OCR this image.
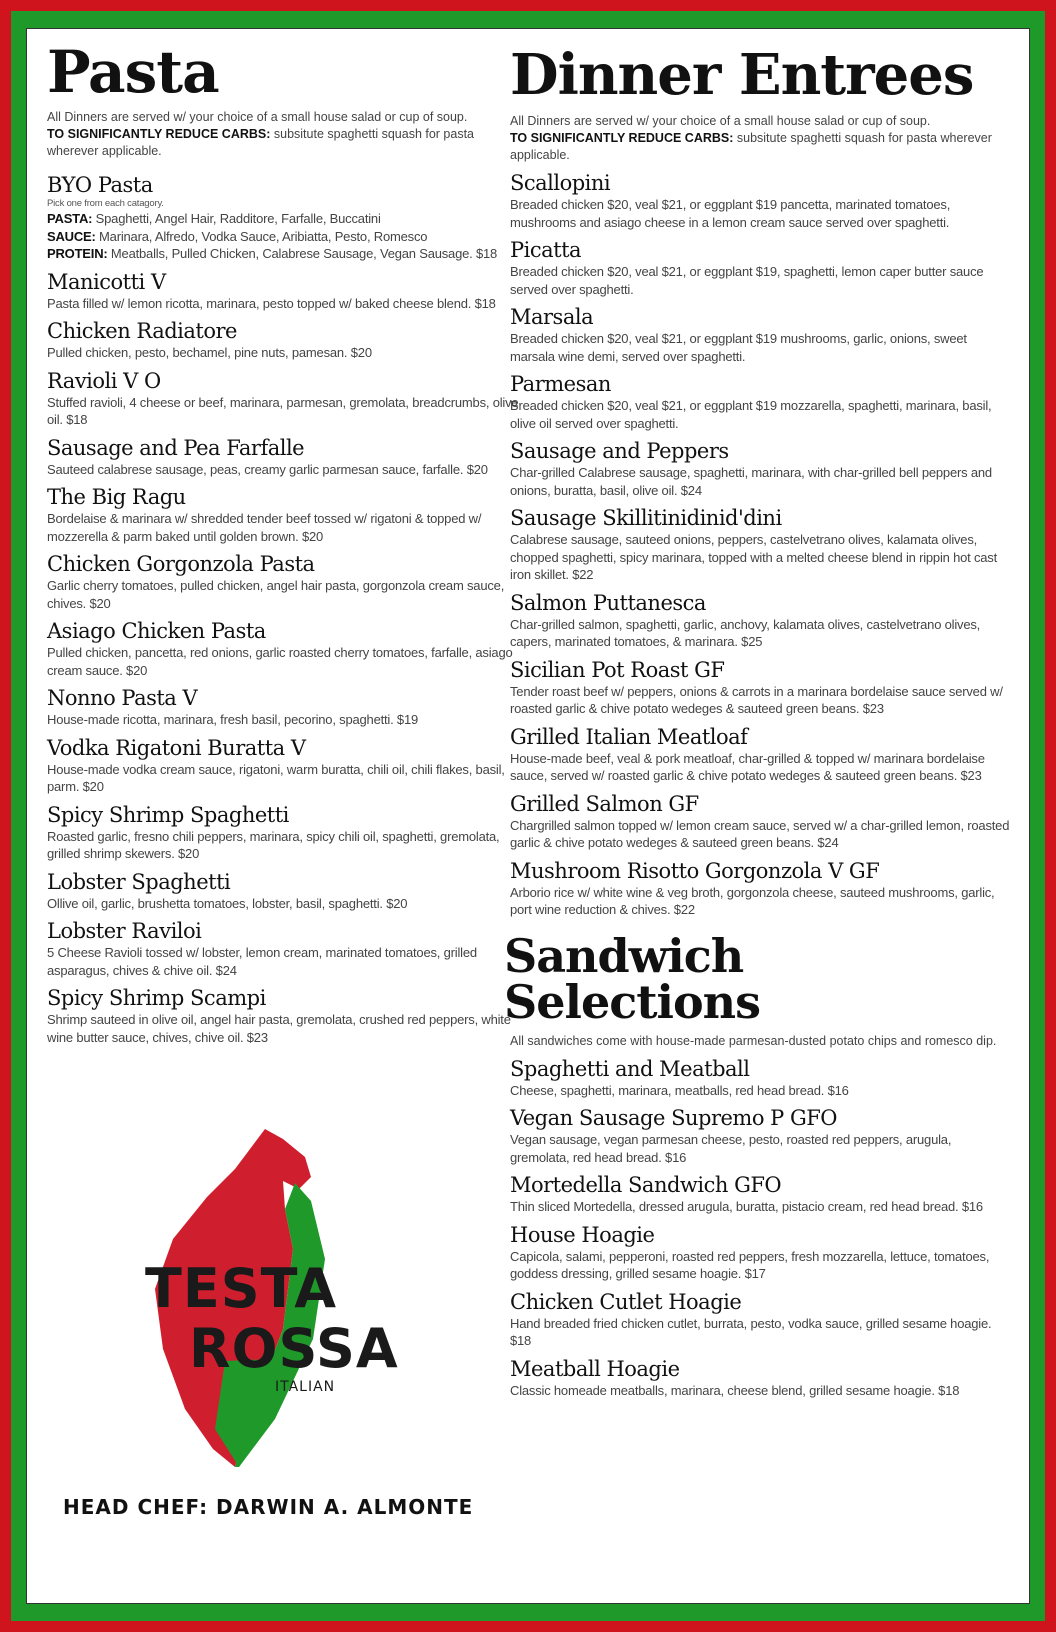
Pasta

All Dinners are served w/ your choice of a small house salad or cup of soup.
TO SIGNIFICANTLY REDUCE CARBS: subsitute spaghetti squash for pasta wherever applicable.

BYO Pasta

Pick one from each catagory.

PASTA: Spaghetti, Angel Hair, Radditore, Farfalle, Buccatini

SAUCE: Marinara, Alfredo, Vodka Sauce, Aribiatta, Pesto, Romesco

PROTEIN: Meatballs, Pulled Chicken, Calabrese Sausage, Vegan Sausage. $18

Manicotti V

Pasta filled w/ lemon ricotta, marinara, pesto topped w/ baked cheese blend. $18

Chicken Radiatore

Pulled chicken, pesto, bechamel, pine nuts, pamesan. $20

Ravioli V O

Stuffed ravioli, 4 cheese or beef, marinara, parmesan, gremolata, breadcrumbs, olive oil. $18

Sausage and Pea Farfalle

Sauteed calabrese sausage, peas, creamy garlic parmesan sauce, farfalle. $20

The Big Ragu

Bordelaise & marinara w/ shredded tender beef tossed w/ rigatoni & topped w/ mozzerella & parm baked until golden brown. $20

Chicken Gorgonzola Pasta

Garlic cherry tomatoes, pulled chicken, angel hair pasta, gorgonzola cream sauce, chives. $20

Asiago Chicken Pasta

Pulled chicken, pancetta, red onions, garlic roasted cherry tomatoes, farfalle, asiago cream sauce. $20

Nonno Pasta V

House-made ricotta, marinara, fresh basil, pecorino, spaghetti. $19

Vodka Rigatoni Buratta V

House-made vodka cream sauce, rigatoni, warm buratta, chili oil, chili flakes, basil, parm. $20

Spicy Shrimp Spaghetti

Roasted garlic, fresno chili peppers, marinara, spicy chili oil, spaghetti, gremolata, grilled shrimp skewers. $20

Lobster Spaghetti

Ollive oil, garlic, brushetta tomatoes, lobster, basil, spaghetti. $20

Lobster Raviloi

5 Cheese Ravioli tossed w/ lobster, lemon cream, marinated tomatoes, grilled asparagus, chives & chive oil. $24

Spicy Shrimp Scampi

Shrimp sauteed in olive oil, angel hair pasta, gremolata, crushed red peppers, white wine butter sauce, chives, chive oil. $23

Dinner Entrees

All Dinners are served w/ your choice of a small house salad or cup of soup.
TO SIGNIFICANTLY REDUCE CARBS: subsitute spaghetti squash for pasta wherever applicable.

Scallopini

Breaded chicken $20, veal $21, or eggplant $19 pancetta, marinated tomatoes, mushrooms and asiago cheese in a lemon cream sauce served over spaghetti.

Picatta

Breaded chicken $20, veal $21, or eggplant $19, spaghetti, lemon caper butter sauce served over spaghetti.

Marsala

Breaded chicken $20, veal $21, or eggplant $19 mushrooms, garlic, onions, sweet marsala wine demi, served over spaghetti.

Parmesan

Breaded chicken $20, veal $21, or eggplant $19 mozzarella, spaghetti, marinara, basil, olive oil served over spaghetti.

Sausage and Peppers

Char-grilled Calabrese sausage, spaghetti, marinara, with char-grilled bell peppers and onions, buratta, basil, olive oil. $24

Sausage Skillitinidinid'dini

Calabrese sausage, sauteed onions, peppers, castelvetrano olives, kalamata olives, chopped spaghetti, spicy marinara, topped with a melted cheese blend in rippin hot cast iron skillet. $22

Salmon Puttanesca

Char-grilled salmon, spaghetti, garlic, anchovy, kalamata olives, castelvetrano olives, capers, marinated tomatoes, & marinara. $25

Sicilian Pot Roast GF

Tender roast beef w/ peppers, onions & carrots in a marinara bordelaise sauce served w/ roasted garlic & chive potato wedeges & sauteed green beans. $23

Grilled Italian Meatloaf

House-made beef, veal & pork meatloaf, char-grilled & topped w/ marinara bordelaise sauce, served w/ roasted garlic & chive potato wedeges & sauteed green beans. $23

Grilled Salmon GF

Chargrilled salmon topped w/ lemon cream sauce, served w/ a char-grilled lemon, roasted garlic & chive potato wedeges & sauteed green beans. $24

Mushroom Risotto Gorgonzola V GF

Arborio rice w/ white wine & veg broth, gorgonzola cheese, sauteed mushrooms, garlic, port wine reduction & chives. $22

Sandwich Selections

All sandwiches come with house-made parmesan-dusted potato chips and romesco dip.

Spaghetti and Meatball

Cheese, spaghetti, marinara, meatballs, red head bread. $16

Vegan Sausage Supremo P GFO

Vegan sausage, vegan parmesan cheese, pesto, roasted red peppers, arugula, gremolata, red head bread. $16

Mortedella Sandwich GFO

Thin sliced Mortedella, dressed arugula, buratta, pistacio cream, red head bread. $16

House Hoagie

Capicola, salami, pepperoni, roasted red peppers, fresh mozzarella, lettuce, tomatoes, goddess dressing, grilled sesame hoagie. $17

Chicken Cutlet Hoagie

Hand breaded fried chicken cutlet, burrata, pesto, vodka sauce, grilled sesame hoagie. $18

Meatball Hoagie

Classic homeade meatballs, marinara, cheese blend, grilled sesame hoagie. $18

TESTA
ROSSA
ITALIAN
HEAD CHEF: DARWIN A. ALMONTE
